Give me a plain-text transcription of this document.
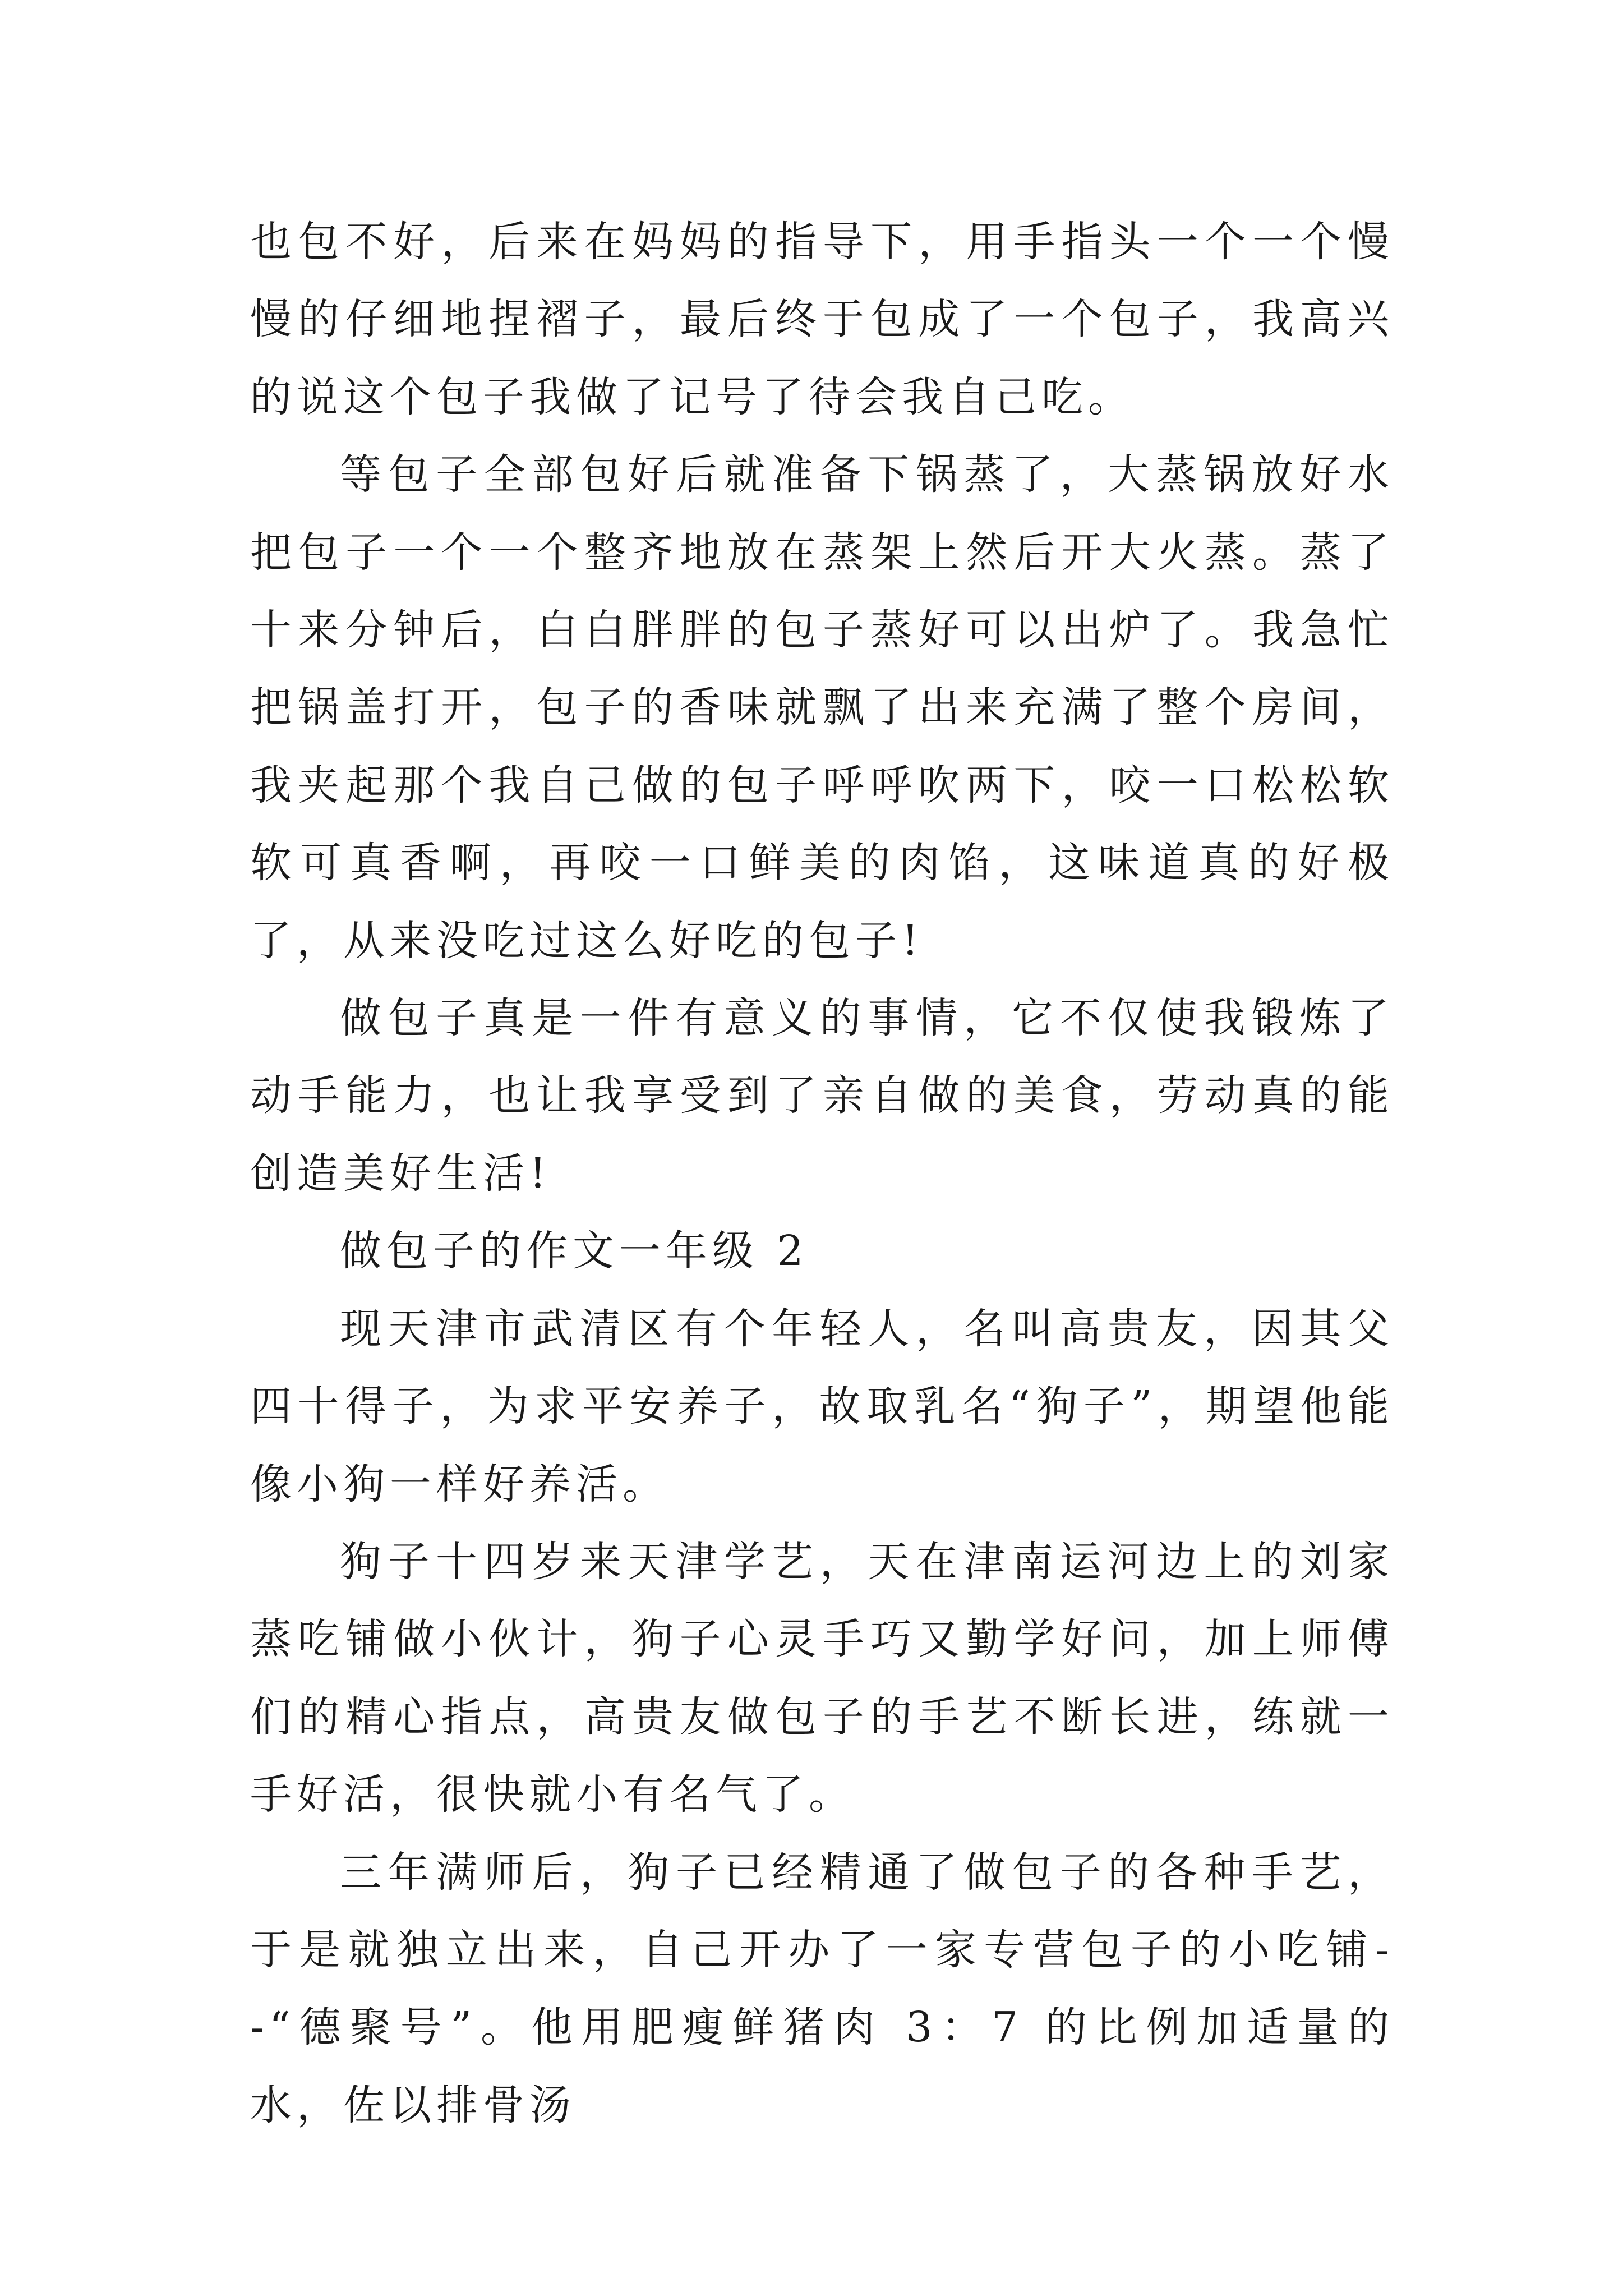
也包不好，后来在妈妈的指导下，用手指头一个一个慢慢的仔细地捏褶子，最后终于包成了一个包子，我高兴的说这个包子我做了记号了待会我自己吃。

等包子全部包好后就准备下锅蒸了，大蒸锅放好水把包子一个一个整齐地放在蒸架上然后开大火蒸。蒸了十来分钟后，白白胖胖的包子蒸好可以出炉了。我急忙把锅盖打开，包子的香味就飘了出来充满了整个房间，我夹起那个我自己做的包子呼呼吹两下，咬一口松松软软可真香啊，再咬一口鲜美的肉馅，这味道真的好极了，从来没吃过这么好吃的包子!

做包子真是一件有意义的事情，它不仅使我锻炼了动手能力，也让我享受到了亲自做的美食，劳动真的能创造美好生活!

做包子的作文一年级 2

现天津市武清区有个年轻人，名叫高贵友，因其父四十得子，为求平安养子，故取乳名“狗子”，期望他能像小狗一样好养活。

狗子十四岁来天津学艺，天在津南运河边上的刘家蒸吃铺做小伙计，狗子心灵手巧又勤学好问，加上师傅们的精心指点，高贵友做包子的手艺不断长进，练就一手好活，很快就小有名气了。

三年满师后，狗子已经精通了做包子的各种手艺，于是就独立出来，自己开办了一家专营包子的小吃铺--“德聚号”。他用肥瘦鲜猪肉 3：7 的比例加适量的水，佐以排骨汤
